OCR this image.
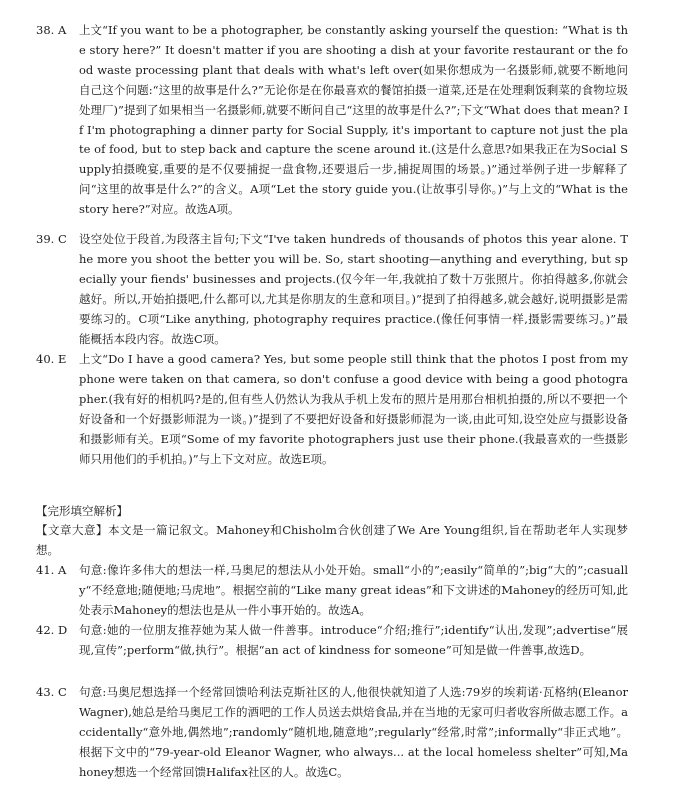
38. A	上文“If you want to be a photographer, be constantly asking yourself the question: “What is the story here?” It doesn't matter if you are shooting a dish at your favorite restaurant or the food waste processing plant that deals with what's left over(如果你想成为一名摄影师,就要不断地问自己这个问题:“这里的故事是什么?”无论你是在你最喜欢的餐馆拍摄一道菜,还是在处理剩饭剩菜的食物垃圾处理厂)”提到了如果相当一名摄影师,就要不断问自己“这里的故事是什么?”;下文“What does that mean? If I'm photographing a dinner party for Social Supply, it's important to capture not just the plate of food, but to step back and capture the scene around it.(这是什么意思?如果我正在为Social Supply拍摄晚宴,重要的是不仅要捕捉一盘食物,还要退后一步,捕捉周围的场景。)”通过举例子进一步解释了问“这里的故事是什么?”的含义。A项“Let the story guide you.(让故事引导你。)”与上文的“What is the story here?”对应。故选A项。
39. C	设空处位于段首,为段落主旨句;下文“I've taken hundreds of thousands of photos this year alone. The more you shoot the better you will be. So, start shooting—anything and everything, but specially your fiends' businesses and projects.(仅今年一年,我就拍了数十万张照片。你拍得越多,你就会越好。所以,开始拍摄吧,什么都可以,尤其是你朋友的生意和项目。)”提到了拍得越多,就会越好,说明摄影是需要练习的。C项“Like anything, photography requires practice.(像任何事情一样,摄影需要练习。)”最能概括本段内容。故选C项。
40. E	上文“Do I have a good camera? Yes, but some people still think that the photos I post from my phone were taken on that camera, so don't confuse a good device with being a good photographer.(我有好的相机吗?是的,但有些人仍然认为我从手机上发布的照片是用那台相机拍摄的,所以不要把一个好设备和一个好摄影师混为一谈。)”提到了不要把好设备和好摄影师混为一谈,由此可知,设空处应与摄影设备和摄影师有关。E项“Some of my favorite photographers just use their phone.(我最喜欢的一些摄影师只用他们的手机拍。)”与上下文对应。故选E项。
【完形填空解析】
【文章大意】本文是一篇记叙文。Mahoney和Chisholm合伙创建了We Are Young组织,旨在帮助老年人实现梦想。
41. A	句意:像许多伟大的想法一样,马奥尼的想法从小处开始。small“小的”;easily“简单的”;big“大的”;casually“不经意地;随便地;马虎地”。根据空前的“Like many great ideas”和下文讲述的Mahoney的经历可知,此处表示Mahoney的想法也是从一件小事开始的。故选A。
42. D	句意:她的一位朋友推荐她为某人做一件善事。introduce“介绍;推行”;identify“认出,发现”;advertise“展现,宣传”;perform“做,执行”。根据“an act of kindness for someone”可知是做一件善事,故选D。
43. C	句意:马奥尼想选择一个经常回馈哈利法克斯社区的人,他很快就知道了人选:79岁的埃莉诺·瓦格纳(Eleanor Wagner),她总是给马奥尼工作的酒吧的工作人员送去烘焙食品,并在当地的无家可归者收容所做志愿工作。accidentally“意外地,偶然地”;randomly“随机地,随意地”;regularly“经常,时常”;informally“非正式地”。根据下文中的“79-year-old Eleanor Wagner, who always... at the local homeless shelter”可知,Mahoney想选一个经常回馈Halifax社区的人。故选C。
